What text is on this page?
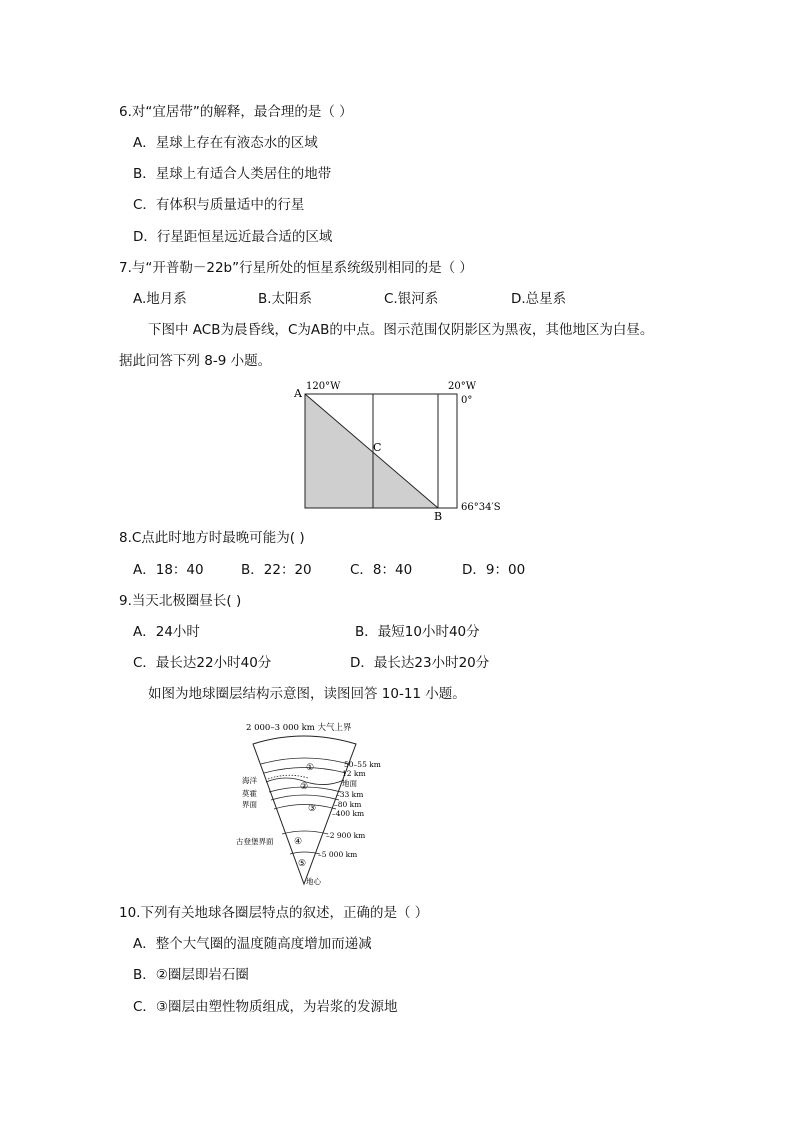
6.对“宜居带”的解释，最合理的是（ ）
A．星球上存在有液态水的区域
B．星球上有适合人类居住的地带
C．有体积与质量适中的行星
D．行星距恒星远近最合适的区域
7.与“开普勒－22b”行星所处的恒星系统级别相同的是（ ）
A.地月系	B.太阳系	C.银河系	D.总星系
下图中 ACB为晨昏线，C为AB的中点。图示范围仅阴影区为黑夜，其他地区为白昼。
据此问答下列 8-9 小题。
A
B
C
120°W	20°W
0°
66°34′S
8.C点此时地方时最晚可能为( )
A．18：40	B．22：20	C．8：40	D．9：00
9.当天北极圈昼长( )
A．24小时	B．最短10小时40分
C．最长达22小时40分	D．最长达23小时20分
如图为地球圈层结构示意图，读图回答 10-11 小题。
2 000–3 000 km 大气上界
①
②
③
④
⑤
50–55 km
12 km
地面
–33 km
–80 km
–400 km
–2 900 km
–5 000 km
海洋
莫霍
界面
古登堡界面
地心
10.下列有关地球各圈层特点的叙述，正确的是（ ）
A．整个大气圈的温度随高度增加而递减
B．②圈层即岩石圈
C．③圈层由塑性物质组成，为岩浆的发源地
